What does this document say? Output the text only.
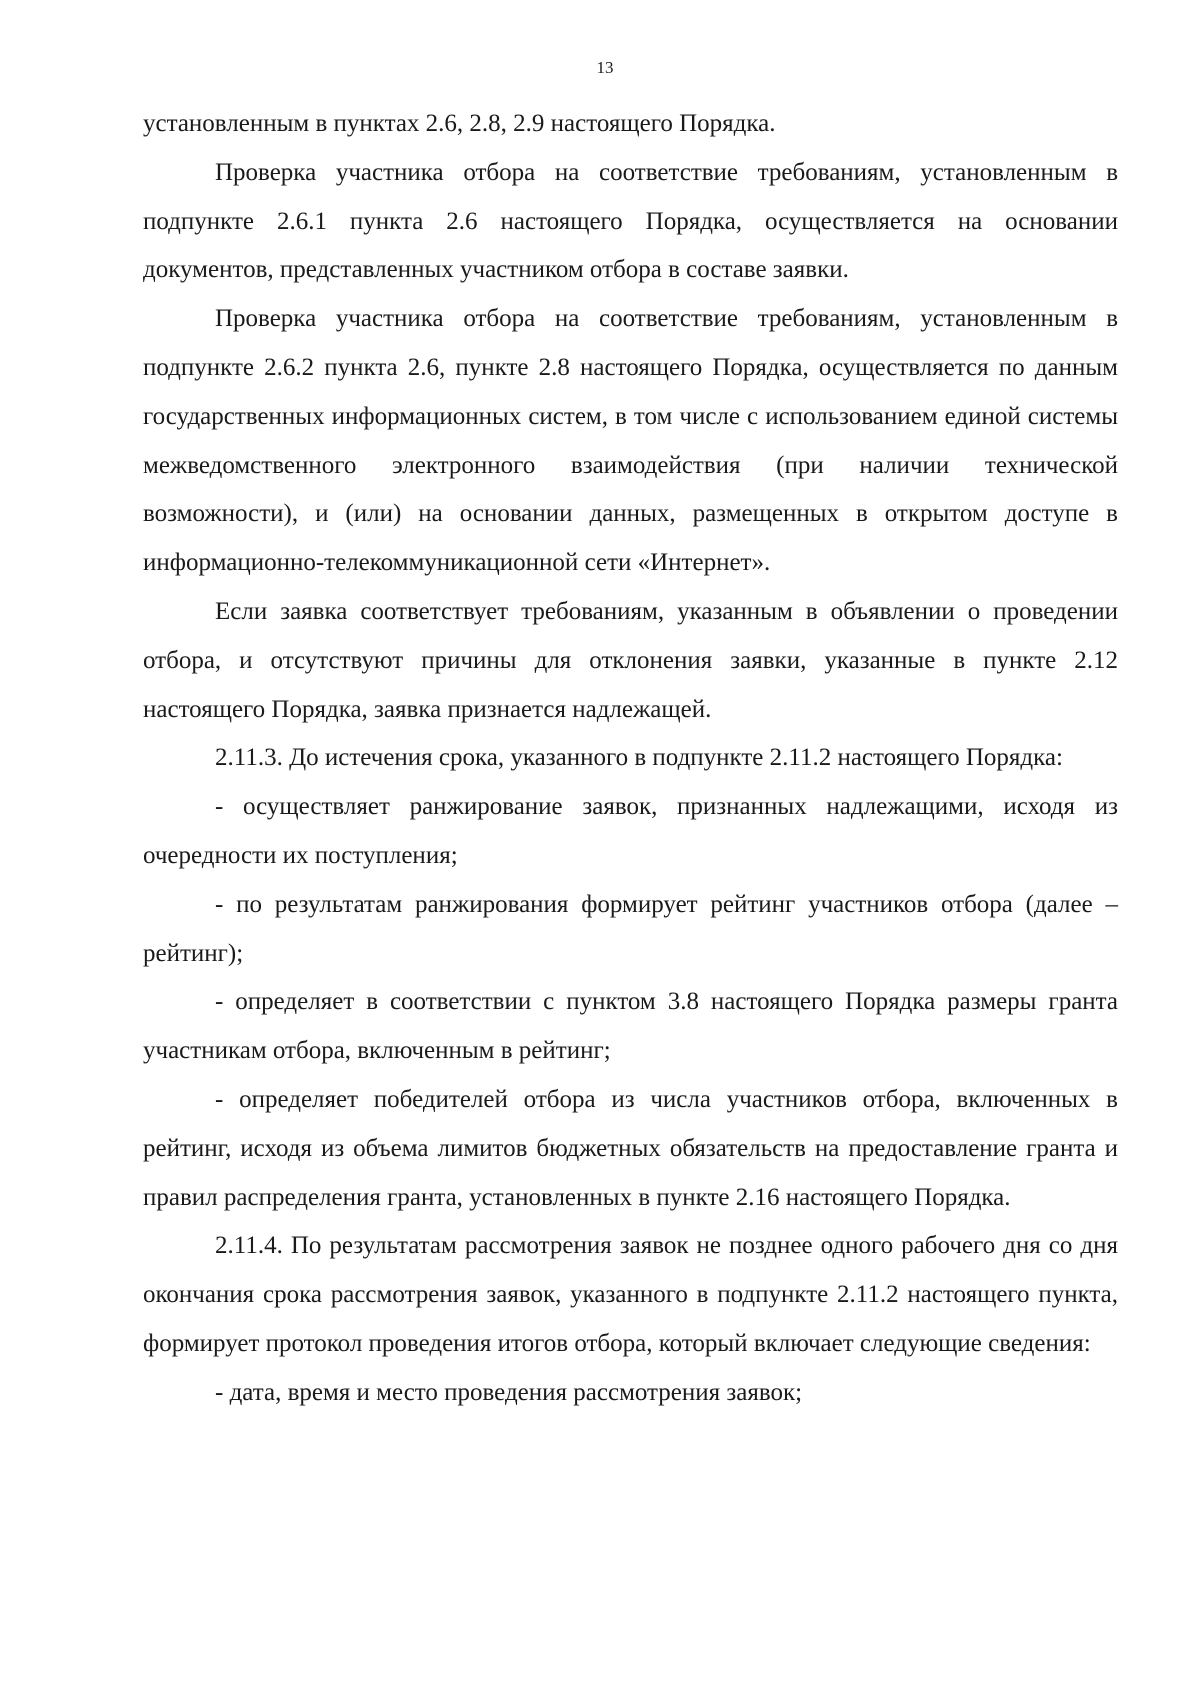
13

установленным в пунктах 2.6, 2.8, 2.9 настоящего Порядка.

Проверка участника отбора на соответствие требованиям, установленным в подпункте 2.6.1 пункта 2.6 настоящего Порядка, осуществляется на основании документов, представленных участником отбора в составе заявки.

Проверка участника отбора на соответствие требованиям, установленным в подпункте 2.6.2 пункта 2.6, пункте 2.8 настоящего Порядка, осуществляется по данным государственных информационных систем, в том числе с использованием единой системы межведомственного электронного взаимодействия (при наличии технической возможности), и (или) на основании данных, размещенных в открытом доступе в информационно-телекоммуникационной сети «Интернет».

Если заявка соответствует требованиям, указанным в объявлении о проведении отбора, и отсутствуют причины для отклонения заявки, указанные в пункте 2.12 настоящего Порядка, заявка признается надлежащей.

2.11.3. До истечения срока, указанного в подпункте 2.11.2 настоящего Порядка:

- осуществляет ранжирование заявок, признанных надлежащими, исходя из очередности их поступления;

- по результатам ранжирования формирует рейтинг участников отбора (далее – рейтинг);

- определяет в соответствии с пунктом 3.8 настоящего Порядка размеры гранта участникам отбора, включенным в рейтинг;

- определяет победителей отбора из числа участников отбора, включенных в рейтинг, исходя из объема лимитов бюджетных обязательств на предоставление гранта и правил распределения гранта, установленных в пункте 2.16 настоящего Порядка.

2.11.4. По результатам рассмотрения заявок не позднее одного рабочего дня со дня окончания срока рассмотрения заявок, указанного в подпункте 2.11.2 настоящего пункта, формирует протокол проведения итогов отбора, который включает следующие сведения:

- дата, время и место проведения рассмотрения заявок;
